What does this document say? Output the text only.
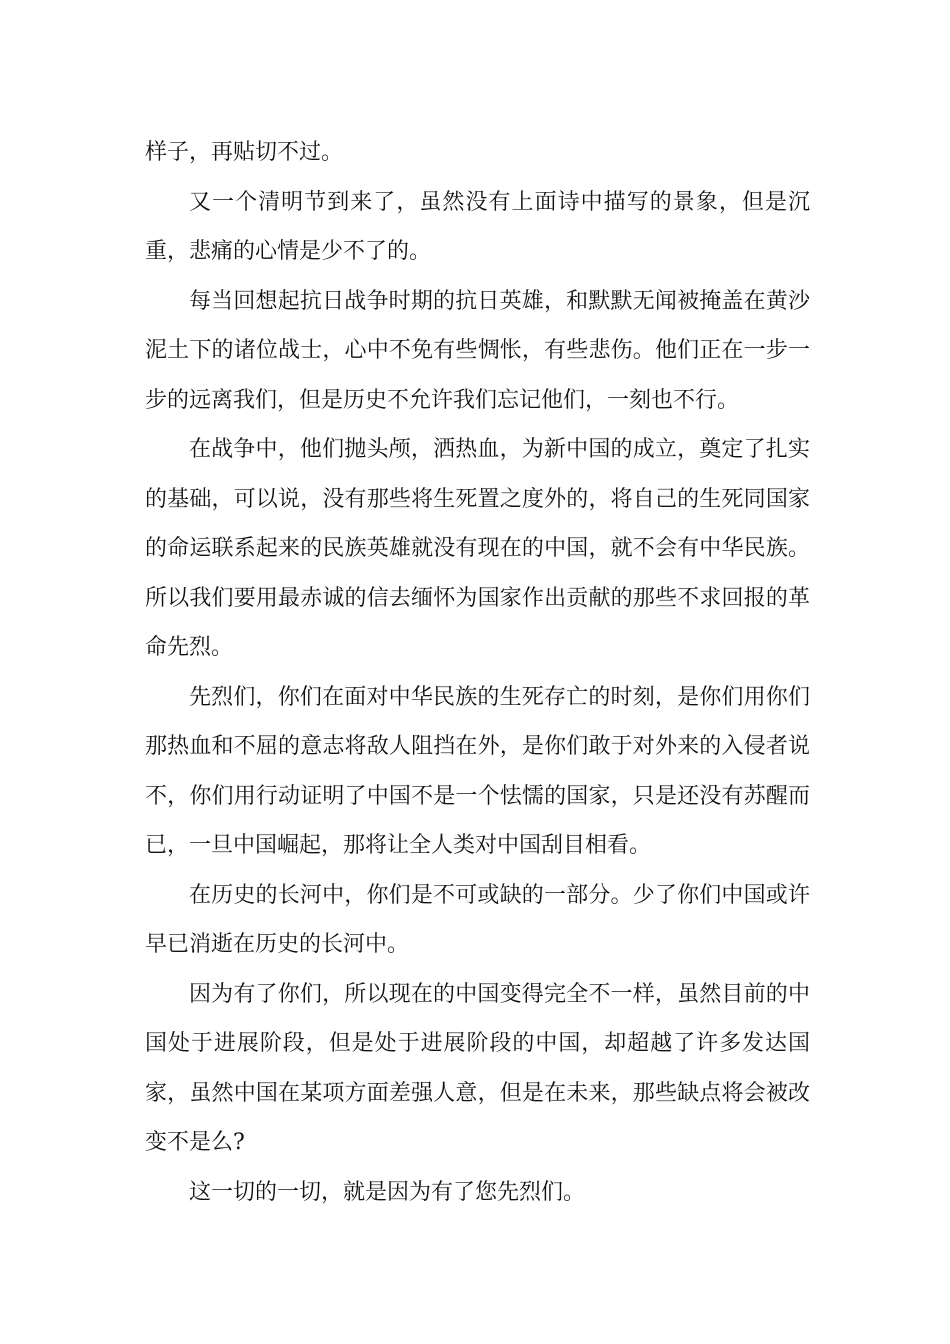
样子，再贴切不过。

又一个清明节到来了，虽然没有上面诗中描写的景象，但是沉重，悲痛的心情是少不了的。

每当回想起抗日战争时期的抗日英雄，和默默无闻被掩盖在黄沙泥土下的诸位战士，心中不免有些惆怅，有些悲伤。他们正在一步一步的远离我们，但是历史不允许我们忘记他们，一刻也不行。

在战争中，他们抛头颅，洒热血，为新中国的成立，奠定了扎实的基础，可以说，没有那些将生死置之度外的，将自己的生死同国家的命运联系起来的民族英雄就没有现在的中国，就不会有中华民族。所以我们要用最赤诚的信去缅怀为国家作出贡献的那些不求回报的革命先烈。

先烈们，你们在面对中华民族的生死存亡的时刻，是你们用你们那热血和不屈的意志将敌人阻挡在外，是你们敢于对外来的入侵者说不，你们用行动证明了中国不是一个怯懦的国家，只是还没有苏醒而已，一旦中国崛起，那将让全人类对中国刮目相看。

在历史的长河中，你们是不可或缺的一部分。少了你们中国或许早已消逝在历史的长河中。

因为有了你们，所以现在的中国变得完全不一样，虽然目前的中国处于进展阶段，但是处于进展阶段的中国，却超越了许多发达国家，虽然中国在某项方面差强人意，但是在未来，那些缺点将会被改变不是么?

这一切的一切，就是因为有了您先烈们。
